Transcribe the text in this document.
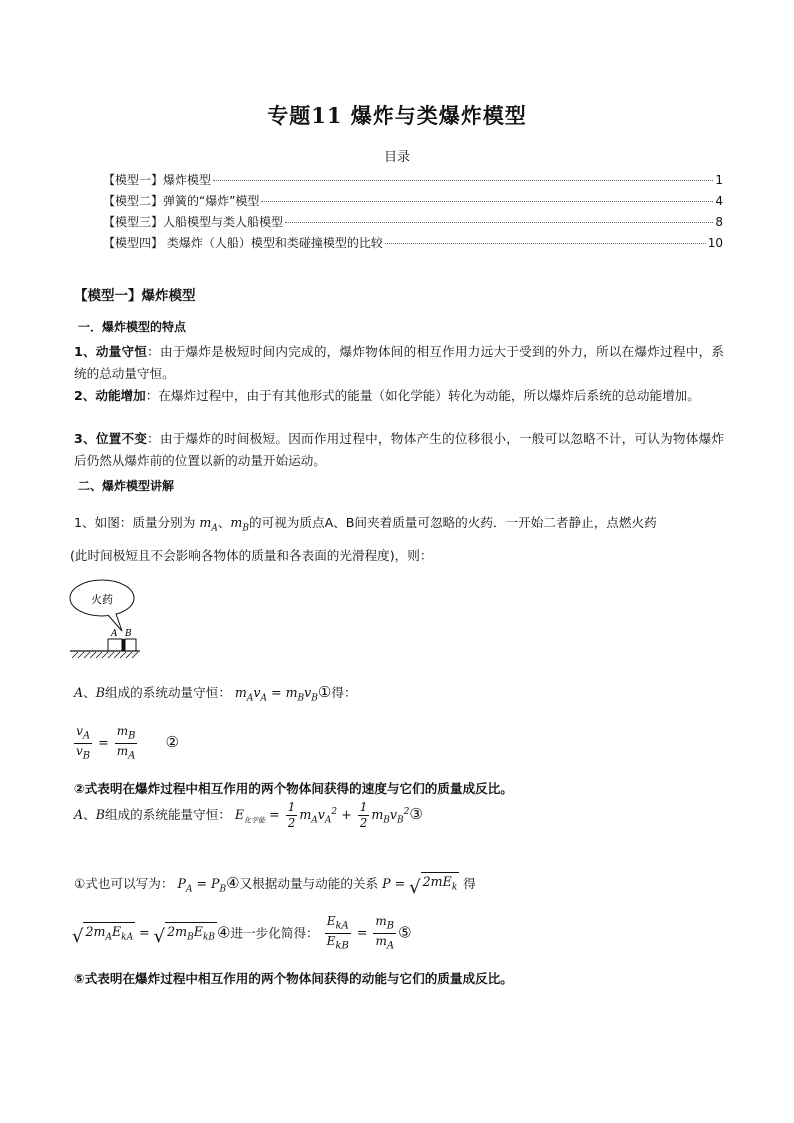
专题11 爆炸与类爆炸模型
目录
【模型一】爆炸模型	1
【模型二】弹簧的“爆炸”模型	4
【模型三】人船模型与类人船模型	8
【模型四】 类爆炸（人船）模型和类碰撞模型的比较	10
【模型一】爆炸模型
一．爆炸模型的特点
1、动量守恒：由于爆炸是极短时间内完成的，爆炸物体间的相互作用力远大于受到的外力，所以在爆炸过程中，系统的总动量守恒。
2、动能增加：在爆炸过程中，由于有其他形式的能量（如化学能）转化为动能，所以爆炸后系统的总动能增加。
3、位置不变：由于爆炸的时间极短。因而作用过程中，物体产生的位移很小，一般可以忽略不计，可认为物体爆炸后仍然从爆炸前的位置以新的动量开始运动。
二、爆炸模型讲解
1、如图：质量分别为 $m_A$、$m_B$的可视为质点A、B间夹着质量可忽略的火药．一开始二者静止，点燃火药
(此时间极短且不会影响各物体的质量和各表面的光滑程度)，则：
火药
A B
A、B组成的系统动量守恒： $m_Av_A$ = $m_Bv_B①$得：
$\frac{v_A}{v_B} = \frac{m_B}{m_A}$ ②
②式表明在爆炸过程中相互作用的两个物体间获得的速度与它们的质量成反比。
A、B组成的系统能量守恒： $E_{化学能} = \frac{1}{2} m_Av_A^2 + \frac{1}{2}$ $m_Bv_B^2③$
①式也可以写为： $P_A$ = $P_B④$又根据动量与动能的关系 P = √ $2mE_k$ 得
√ $2m_AE_{kA}$ = √ $2m_BE_{kB}$ ④进一步化简得： $\frac{E_{kA}}{E_{kB}} = \frac{m_B}{m_A}$ ⑤
⑤式表明在爆炸过程中相互作用的两个物体间获得的动能与它们的质量成反比。
